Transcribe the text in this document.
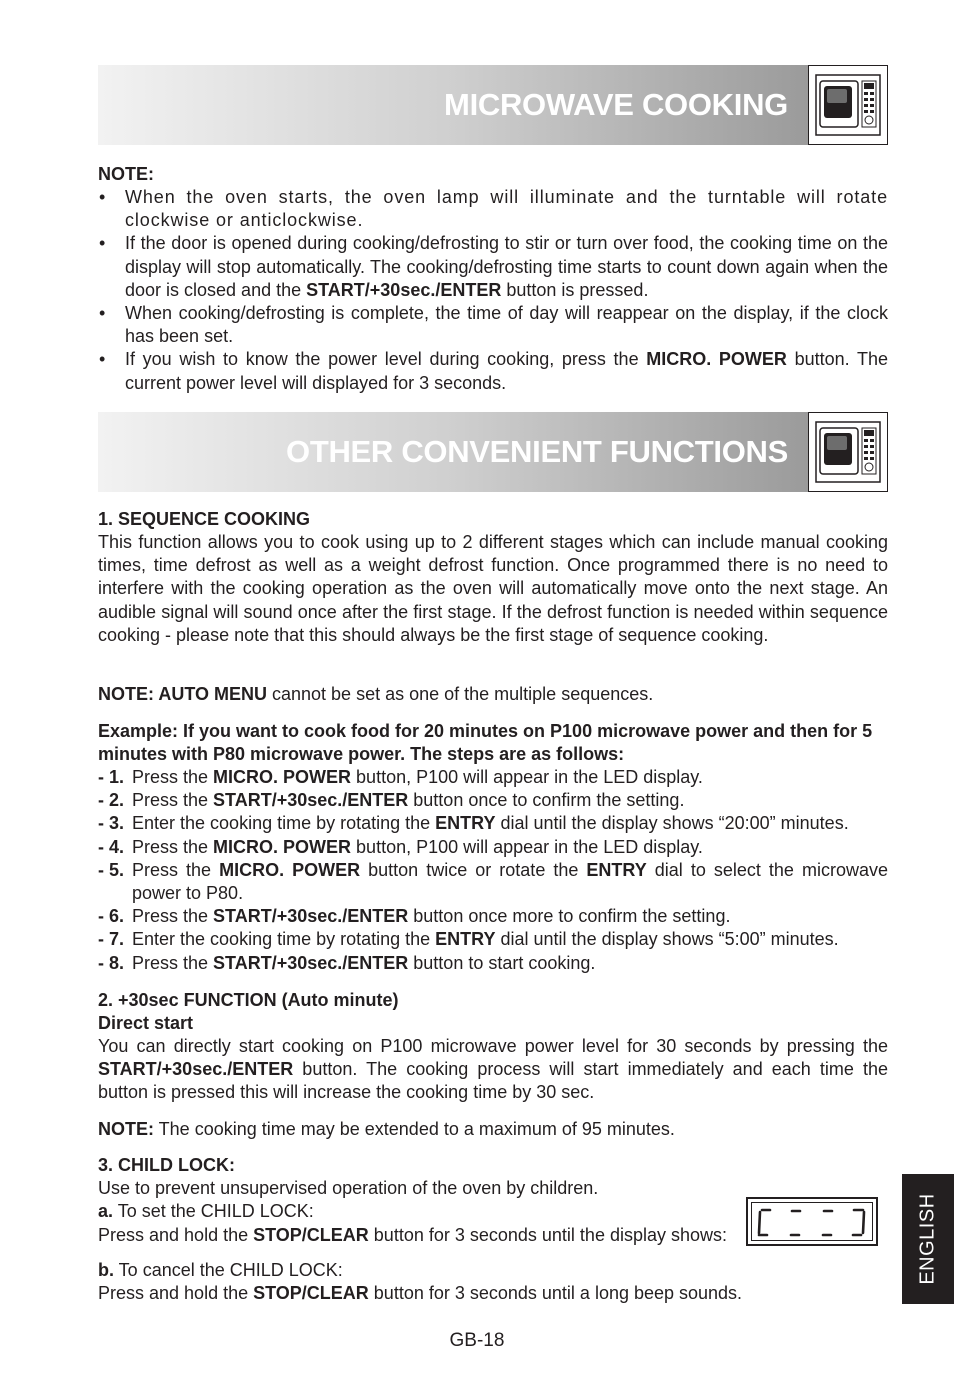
MICROWAVE COOKING
NOTE:
• When the oven starts, the oven lamp will illuminate and the turntable will rotate clockwise or anticlockwise.
• If the door is opened during cooking/defrosting to stir or turn over food, the cooking time on the display will stop automatically. The cooking/defrosting time starts to count down again when the door is closed and the START/+30sec./ENTER button is pressed.
• When cooking/defrosting is complete, the time of day will reappear on the display, if the clock has been set.
• If you wish to know the power level during cooking, press the MICRO. POWER button. The current power level will displayed for 3 seconds.
OTHER CONVENIENT FUNCTIONS
1. SEQUENCE COOKING
This function allows you to cook using up to 2 different stages which can include manual cooking times, time defrost as well as a weight defrost function. Once programmed there is no need to interfere with the cooking operation as the oven will automatically move onto the next stage. An audible signal will sound once after the first stage. If the defrost function is needed within sequence cooking - please note that this should always be the first stage of sequence cooking.
NOTE: AUTO MENU cannot be set as one of the multiple sequences.
Example: If you want to cook food for 20 minutes on P100 microwave power and then for 5 minutes with P80 microwave power. The steps are as follows:
- 1. Press the MICRO. POWER button, P100 will appear in the LED display.
- 2. Press the START/+30sec./ENTER button once to confirm the setting.
- 3. Enter the cooking time by rotating the ENTRY dial until the display shows “20:00” minutes.
- 4. Press the MICRO. POWER button, P100 will appear in the LED display.
- 5. Press the MICRO. POWER button twice or rotate the ENTRY dial to select the microwave power to P80.
- 6. Press the START/+30sec./ENTER button once more to confirm the setting.
- 7. Enter the cooking time by rotating the ENTRY dial until the display shows “5:00” minutes.
- 8. Press the START/+30sec./ENTER button to start cooking.
2. +30sec FUNCTION (Auto minute)
Direct start
You can directly start cooking on P100 microwave power level for 30 seconds by pressing the START/+30sec./ENTER button. The cooking process will start immediately and each time the button is pressed this will increase the cooking time by 30 sec.
NOTE: The cooking time may be extended to a maximum of 95 minutes.
3. CHILD LOCK:
Use to prevent unsupervised operation of the oven by children.
a. To set the CHILD LOCK:
Press and hold the STOP/CLEAR button for 3 seconds until the display shows:
b. To cancel the CHILD LOCK:
Press and hold the STOP/CLEAR button for 3 seconds until a long beep sounds.
ENGLISH
GB-18
